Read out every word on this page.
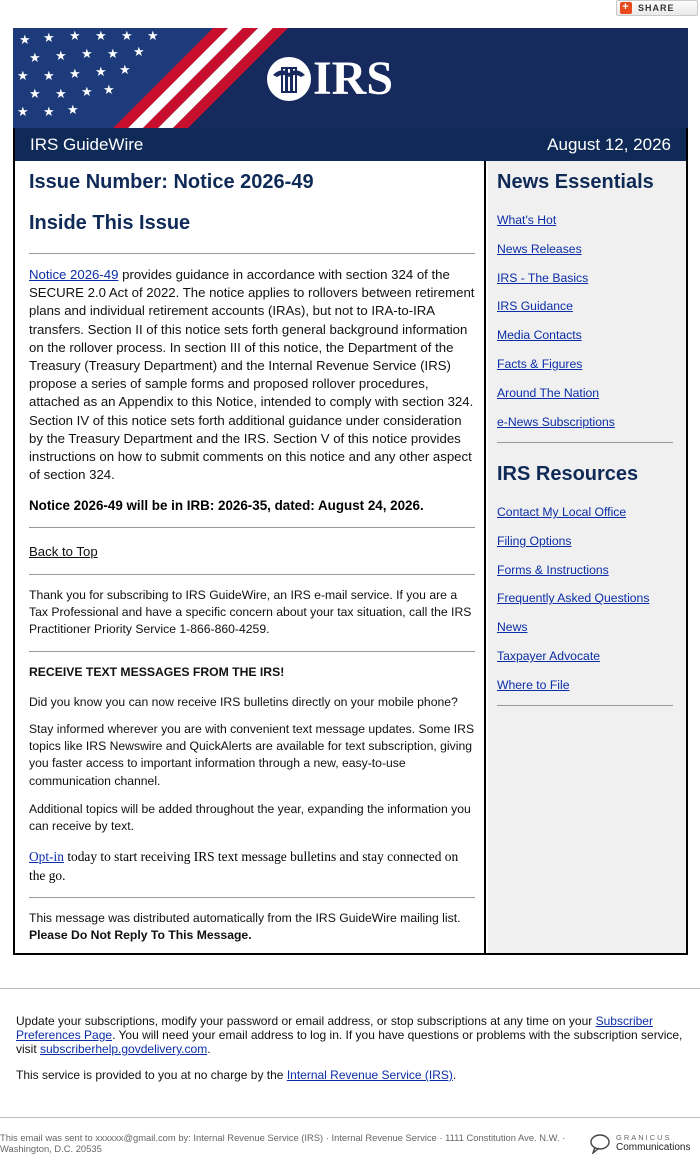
+ SHARE
★ ★ ★ ★ ★ ★
★ ★ ★ ★ ★
★ ★ ★ ★ ★
★ ★ ★ ★
★ ★ ★
IRS
IRS GuideWire	August 12, 2026
Issue Number: Notice 2026-49
Inside This Issue

Notice 2026-49 provides guidance in accordance with section 324 of the SECURE 2.0 Act of 2022. The notice applies to rollovers between retirement plans and individual retirement accounts (IRAs), but not to IRA-to-IRA transfers. Section II of this notice sets forth general background information on the rollover process. In section III of this notice, the Department of the Treasury (Treasury Department) and the Internal Revenue Service (IRS) propose a series of sample forms and proposed rollover procedures, attached as an Appendix to this Notice, intended to comply with section 324. Section IV of this notice sets forth additional guidance under consideration by the Treasury Department and the IRS. Section V of this notice provides instructions on how to submit comments on this notice and any other aspect of section 324.

Notice 2026-49 will be in IRB: 2026-35, dated: August 24, 2026.

Back to Top

Thank you for subscribing to IRS GuideWire, an IRS e-mail service. If you are a Tax Professional and have a specific concern about your tax situation, call the IRS Practitioner Priority Service 1-866-860-4259.

RECEIVE TEXT MESSAGES FROM THE IRS!

Did you know you can now receive IRS bulletins directly on your mobile phone?

Stay informed wherever you are with convenient text message updates. Some IRS topics like IRS Newswire and QuickAlerts are available for text subscription, giving you faster access to important information through a new, easy-to-use communication channel.

Additional topics will be added throughout the year, expanding the information you can receive by text.

Opt-in today to start receiving IRS text message bulletins and stay connected on the go.

This message was distributed automatically from the IRS GuideWire mailing list.

Please Do Not Reply To This Message.

News Essentials
What's Hot
News Releases
IRS - The Basics
IRS Guidance
Media Contacts
Facts & Figures
Around The Nation
e-News Subscriptions
IRS Resources
Contact My Local Office
Filing Options
Forms & Instructions
Frequently Asked Questions
News
Taxpayer Advocate
Where to File

Update your subscriptions, modify your password or email address, or stop subscriptions at any time on your Subscriber Preferences Page. You will need your email address to log in. If you have questions or problems with the subscription service, visit subscriberhelp.govdelivery.com.

This service is provided to you at no charge by the Internal Revenue Service (IRS).

This email was sent to xxxxxx@gmail.com by: Internal Revenue Service (IRS) · Internal Revenue Service · 1111 Constitution Ave. N.W. · Washington, D.C. 20535

GRANICUS
Communications
